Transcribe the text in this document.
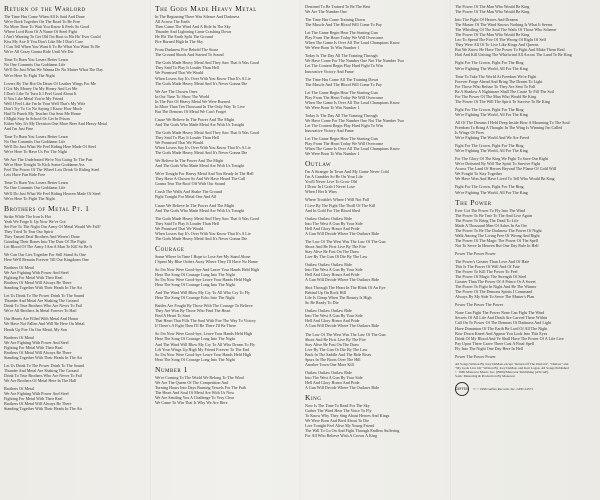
Return of the Warlord
The Time Has Come When All Is Said And Done
We're Back Together On The Road To Be Free
No More Time To Wait You Know It Feels So Good
Where Lord Born Of A Name Of Steel Fight
I Ain't Wanting To Get Old I'm Bout to Hit Ho' Ever Could
Kiss My Axe If You Don't Like Me I Don't Care
I Can Tell When You Want It To Be What You Want To Be
We're All Crazy Gonna Ride Until We Die
Time To Burn You Losers Better Learn
No One Commits Our Goddamn Life
We'll Do Just What We Wanna Do No Matter What The Day
We're Here To Fight The Night
Lovers By The Hot On Dawn Of Leather Wings For Me
I Got My Money On My Honey And Let Me
I Don't Like To Turn It I Feel Good About It
If You Like Metal You're My Friend
Well I Feel Like I'm In Your Well That's My Wife
Don't Try To Go No Saying I Know How Much
Had To Punch My Teacher Out Sent Me Home
I Might Stay In School Or Get In Prison
Either Way It's My Decision One More Beer And Heavy Metal
And I'm Just Fine
Time To Burn You Losers Better Learn
No One Commits Our Goddamn Life
We'll Do Just What We Feel Riding Here Made Of Steel
We're Here To Have Us For The Night
We Are The Undefeated We're Not Going To The Past
We're Here Tonight To Kick Some Goddamn Ass
Feel The Power Of The Wheel Lets Drink To Riding Steel
Lets Have Fun Ride Free
Time To Burn You Losers Better Learn
No One Commits Our Goddamn Life
We'll Do Just What We Feel Riding Heaven Made Of Steel
We're Here To Fight The Night
Brothers of Metal Pt. 1
Strike While The Iron Is Hot
Yeah We Forge It Up Now We've Got
Set Fire To The Night Our Army Of Metal Would We Fall?
They Tried To Tear Our Spirit
They Tamed Deaf Brothers And Weren't Done
Grinding Their Bones Into The Dust Of The Fight
Let Blood Of The Army I Am A Man To Kill So Be It
We Can Our Lies Together For Still Stand As One
Here We'll Remain Forever Till Our Kingdoms One
Brothers Of Metal
We Are Fighting With Power And Steel
Fighting For Metal With Their Real
Brothers Of Metal Will Always Be There
Standing Together With Their Heads In The Air
Let Us Drink To The Power Drink To The Sound
Thunder And Metal Are Shaking The Ground
Drink To True Brothers Who Are Never To Fail
We're All Brothers In Metal Forever To Hail
Our Hearts Are Filled With Metal And Honor
We Have Not Fallen And Will Be Here On Metal
Heads Up Fire On Our Metal, My Son
Brothers Of Metal
We Are Fighting With Power And Steel
Fighting For Metal With Their Real
Brothers Of Metal Will Always Be There
Standing Together With Their Heads In The Air
Let Us Drink To The Power Drink To The Sound
Thunder And Metal Are Shaking The Ground
Drink To True Brothers Who Are Never To Fail
We Are Brothers Of Metal Here In The Hall
Brothers Of Metal
We Are Fighting With Power And Steel
Fighting For Metal With Their Real
Brothers Of Metal Will Always Be There
Standing Together With Their Heads In The Air
The Gods Made Heavy Metal
In The Beginning There Was Silence And Darkness
All Across The Earth
Then Came The Wind And A Hole In The Sky
Thunder And Lightning Came Crashing Down
He Hit The Earth Split The Ground
Fire Burned High In The Sky
From Darkness Fire Behold The Stone
The Ground Shook And Started To Sound
The Gods Made Heavy Metal And They Saw That It Was Good
They Said To Play It Louder Than Hell
We Promised That We Would
When Losers Say It's Over With You Know That It's A Lie
The Gods Made Heavy Metal And It's Never Gonna Die
We Are The Chosen Ones
In Our Time To Show The World
In The Fire Of Heavy Metal We Were Burned
In More Than Ten Thousand In The Only Way To Live
But The Demons Of Metal We Can't Forget
Cause We Believe In The Power And The Might
And The Gods Who Made Metal Are With Us Tonight
The Gods Made Heavy Metal And They Saw That It Was Good
They Said To Play It Louder Than Hell
We Promised That We Would
When Losers Say It's Over With You Know That It's A Lie
The Gods Made Heavy Metal And It's Never Gonna Die
We Believe In The Power And The Might
And The Gods Who Made Metal Are With Us Tonight
We're Tonight For Heavy Metal And You Ready In The Hell
They Have A Chosen So And We Have Heard The Call
Gonna Tear The Roof Off With Our Sound
Crush The Walls And Shake The Ground
Fight Tonight For Metal One And All
Cause We Believe In The Power And The Might
And The Gods Who Made Metal Are With Us Tonight
The Gods Made Heavy Metal And They Saw That It Was Good
They Said To Play It Louder Than Hell
We Promised That We Would
When Losers Say It's Over With You Know That It's A Lie
The Gods Made Heavy Metal And It's Never Gonna Die
Courage
Some Where In Time I Hope to Lose See My Stand Alone
I Spent My Blue Orders Away Where They I'll Have No Home
So I'm Now Were Good-bye And Leave Your Hands Held High
Hear The Song Of Courage Long Into The Night
So I'm Now Were Good-bye Leave Your Hands Held High
Hear The Song Of Courage Long Into The Night
And The Wind Will Blow My Cry To All Who Cry To Fly
Hear The Song Of Courage Echo Into The Night
Battles Are Fought By Those With The Courage To Believe
They Are Won By Those Who Find The Heart
Find A Heart To Start
That Heart That Fills The Soul With Fire The Way To Victory
If There's A Fight Then I'll Be There I'll Be There
So I'm Now Were Good-bye, Leave Your Hands Held High
Hear The Song Of Courage Long Into The Night
And The Wind Will Blow My Cry To All Who Dream To Fly
Lift Your Wings Up High My Friend Forever To The End
So I'm Now Were Good-bye Leave Your Hands Held High
Hear The Song Of Courage Long Into The Night
Number 1
We're Coming To The World We Belong To The Wind
We Are The Queen Of The Competition And
Turning Hours Into Days Burning Vessels For The Path
The Heart And Soul Of Metal Are With Us Now
We Are Sending You A Challenge To Very Clear
We Came To Win That Is Why We Are Here
Destined To Be Trained To Be The Best
We Are The Number One
The Time Has Come Training Down
The Muscle And The Blood Will Come To Pay
Let The Game Begin Hear The Starting Gun
Play From The Heart Today We Will Overcome
When The Game Is Over All The Loud Champions Know
We Were Born To Win Number 1
Today Is The Day All The Training Through
We Have Come For The Number One Not The Number Two
Let The Content Begin Play Hard Fight To Win
Innovative Victory And Fame
The Time Has Come All The Training Down
The Muscle And The Blood Will Come To Pay
Let The Game Begin Hear The Starting Gun
Play From The Heart Today We Will Overcome
When The Game Is Over All The Loud Champions Know
We Were Born To Win Number 1
Today Is The Day All The Training Through
We Have Come For The Number One Not The Number Two
Let The Content Begin Play Hard Fight To Win
Innovative Victory And Fame
Let The Game Begin Hear The Starting Gun
Play From The Heart Today We Will Overcome
When The Game Is Over All The Loud Champions Know
We Were Born To Win Number 1
Outlaw
I'm A Stranger In Town And My Game Never Cold
I'm A Gambler So Be On Your Life
You'll Never Live To Grow Old
I Draw In I Grab I Never Lose
When I Bet It Wins
Where Trouble's Where I Will Not Fall
I Live By The Fight The Thrill Of The Kill
And In Gold For The Blood Shed
Outlaw Outlaw Outlaw Ride
Into The West A Gun By Your Side
Hell And Glory Honor And Pride
A Gun Will Decide Where The Outlaws Ride
The Law Of The West Was The Law Of The Gun
Shoot And Be First Live By The Fire
Stay Alive Be Fast On The Draw
Live By The Gun Of Die By The Law
Outlaw Outlaw Outlaw Ride
Into The West A Gun By Your Side
Hell And Glory Honor And Pride
A Gun Will Decide Where The Outlaws Ride
Shot Through The Heart In The Blink Of An Eye
Behind Up On Rock Hill
Life Is Cheap When The Bounty Is High
So Be Ready To Die
Outlaw Outlaw Outlaw Ride
Into The West A Gun By Your Side
Hell And Glory Honor And Pride
A Gun Will Decide Where The Outlaws Ride
The Law Of The West Was The Law Of The Gun
Shoot And Be First Live By The Fire
Stay Alive Be Fast On The Draw
Live By The Gun Or Die By The Law
Back In The Saddle And The Ride Rises
Spurs In The Boots Over The Hill
Another Town One More Kill
Outlaw Outlaw Outlaw Ride
Into The West A Gun By Your Side
Hell And Glory Honor And Pride
A Gun Will Decide Where The Outlaws Ride
King
Now Is The Time To Read For The Sky
Gather The Wind Hear The Voice To Fly
To Know Why They Sing About Heroes And Kings
We Were Born And Bred About To Die
Live Tonight Feel Alive My Young Friend
The Will To Go On And Fight Through Endless Suffering
For All Who Believe Wish A Crown A King
The Power Of The Man Who Would Be King
The Power Of The Man Who Would Be King
Into The Fight Of Heroes And Dreams
The Master Of The Wind Knows Nothing Is What It Seems
The Whistling Of The Soul The Wails Of Those Who Scheme
The Power Of The Man Who Would Be King
Leo To Spend The Fire Of The Wrong Of Right Of Self
They Were All Of To Live Like Kings And Queens
But We Know He Have The Power To Fight And Make Them Real
Hail And Kill Uniting The Whirlwind All Across The Land To Be King
Fight For The Crown, Fight For The Ring
We're Fighting The World, All For The King
Time To Take The World At Freedom We're Fight
Forever Forge Ahead And Bring The Dream To Light
For Those Who Refuse To They Are Sent To Fall
Be A Shadow A Nightmare Shall The Cause To Fill The Soil
For The Power Of The Man Who Would Be King
The Power Of The Will The Spirit To Survive To Be King
Fight For The Crown, Fight For The Ring
We're Fighting The World, All For The King
All Of The Dreams I Held Deep Inside How A Mourning To The Soul
Freedom To Bring A Thought In The Wing Is Winning I'm Called
Is Wings Of Fires
We're Fighting The World And We Are Freed
Fight For The Crown, Fight For The Ring
We're Fighting The World, All For The King
For The Glory Of The King We Fight To Save Our Right
We're Defeated By Will The Spirit To Survive Fight
Across The Land Of Heroes Beyond The Flame Of Gold Will
We Fought To Stay Together
We Have Won And Have Lived To Tell Who Would Be King
Fight For The Crown, Fight For The Ring
We're Fighting The World, All For The King
The Power
Ever Got The Power To Fly Into The Wind
The Power To Be True To The And Live Again
The Power To Bring The Dead To Life
Made A Thousand Men Of Ashes In An Ore
The Power To Be The Darkness The Power Of Night
Walk Among The Living Free Of Wrong And Right
The Power Of The Magic The Power Of The Spell
Not To Serve In Heaven But One Day Rule In Hell
Power The Power Power
The Power's Greater Than Love And Of Hate
This Is The Power Of Will And Of Fate
The Power To Kill The Power To Feel
The Power Of Magic The Strength Of Steel
Greater Than The Power Of A Prince Or A Sweet
The Power To Fight In Night And Be The Winner
The Power Of The Demons Spirits I Command
Always By My Side To Serve The Master's Plan
Power The Power The Power
None Can Fight The Power None Can Fight The Wind
Secrets Of All Life And Death Are Carved There Within
Call On To Power Of The Demons Of Darkness And Light
Have Dominion Of The Earth Be Lord Of All The Night
Bow Down Kneel And Appear You Look Into This Eyes
Drink Of My Blood And Ye Shall Have The Power Of A Life Live
Pay Upon There Grave There Cast A Final Spell
Fly Into The Night One Day Here In Hell
Power The Power Power
All Songs Written By Joey DeMaio except "Return Of The Warlord", "Outlaw" and
"My Gods Live On" Written By Joey DeMaio and Karl Logan. All Songs Published
© 1985 Manowar Music, Inc. (BMI)/Manowar Publishing (ASCAP).
Sonic Mastering & Production By Manowar
GEFFEN ® © 1996 Geffen Records, Inc. GED 24573
